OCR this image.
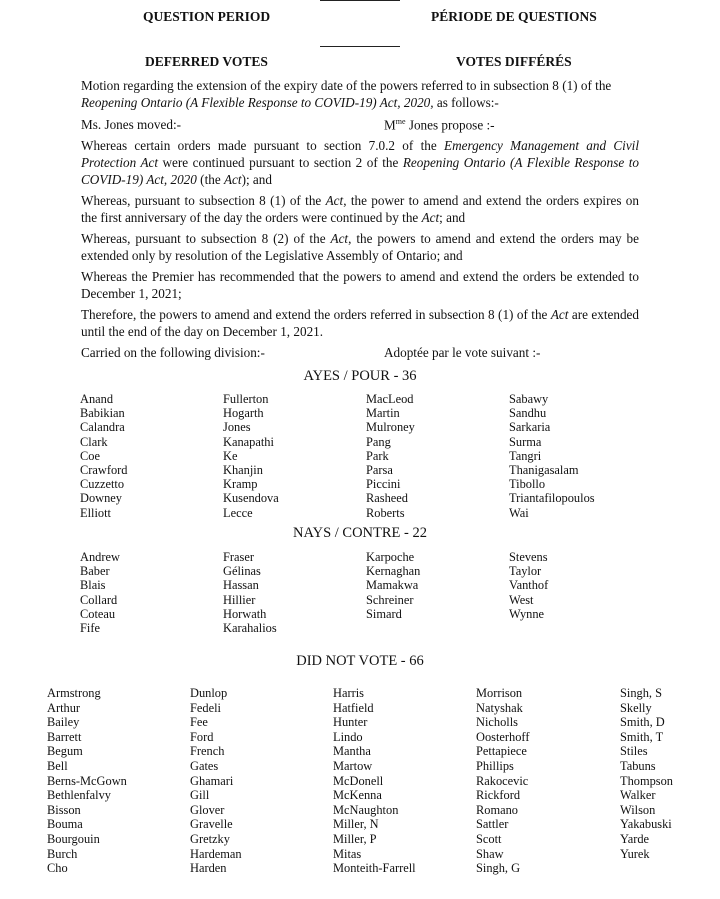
QUESTION PERIOD	PÉRIODE DE QUESTIONS
DEFERRED VOTES	VOTES DIFFÉRÉS
Motion regarding the extension of the expiry date of the powers referred to in subsection 8 (1) of the
Reopening Ontario (A Flexible Response to COVID-19) Act, 2020, as follows:-
Ms. Jones moved:-	$M^{me}$ Jones propose :-
Whereas certain orders made pursuant to section 7.0.2 of the Emergency Management and Civil Protection Act were continued pursuant to section 2 of the Reopening Ontario (A Flexible Response to COVID-19) Act, 2020 (the Act); and
Whereas, pursuant to subsection 8 (1) of the Act, the power to amend and extend the orders expires on the first anniversary of the day the orders were continued by the Act; and
Whereas, pursuant to subsection 8 (2) of the Act, the powers to amend and extend the orders may be extended only by resolution of the Legislative Assembly of Ontario; and
Whereas the Premier has recommended that the powers to amend and extend the orders be extended to December 1, 2021;
Therefore, the powers to amend and extend the orders referred in subsection 8 (1) of the Act are extended until the end of the day on December 1, 2021.
Carried on the following division:-	Adoptée par le vote suivant :-
AYES / POUR - 36
Anand
Babikian
Calandra
Clark
Coe
Crawford
Cuzzetto
Downey
Elliott
Fullerton
Hogarth
Jones
Kanapathi
Ke
Khanjin
Kramp
Kusendova
Lecce
MacLeod
Martin
Mulroney
Pang
Park
Parsa
Piccini
Rasheed
Roberts
Sabawy
Sandhu
Sarkaria
Surma
Tangri
Thanigasalam
Tibollo
Triantafilopoulos
Wai
NAYS / CONTRE - 22
Andrew
Baber
Blais
Collard
Coteau
Fife
Fraser
Gélinas
Hassan
Hillier
Horwath
Karahalios
Karpoche
Kernaghan
Mamakwa
Schreiner
Simard
Stevens
Taylor
Vanthof
West
Wynne
DID NOT VOTE - 66
Armstrong
Arthur
Bailey
Barrett
Begum
Bell
Berns-McGown
Bethlenfalvy
Bisson
Bouma
Bourgouin
Burch
Cho
Dunlop
Fedeli
Fee
Ford
French
Gates
Ghamari
Gill
Glover
Gravelle
Gretzky
Hardeman
Harden
Harris
Hatfield
Hunter
Lindo
Mantha
Martow
McDonell
McKenna
McNaughton
Miller, N
Miller, P
Mitas
Monteith-Farrell
Morrison
Natyshak
Nicholls
Oosterhoff
Pettapiece
Phillips
Rakocevic
Rickford
Romano
Sattler
Scott
Shaw
Singh, G
Singh, S
Skelly
Smith, D
Smith, T
Stiles
Tabuns
Thompson
Walker
Wilson
Yakabuski
Yarde
Yurek
